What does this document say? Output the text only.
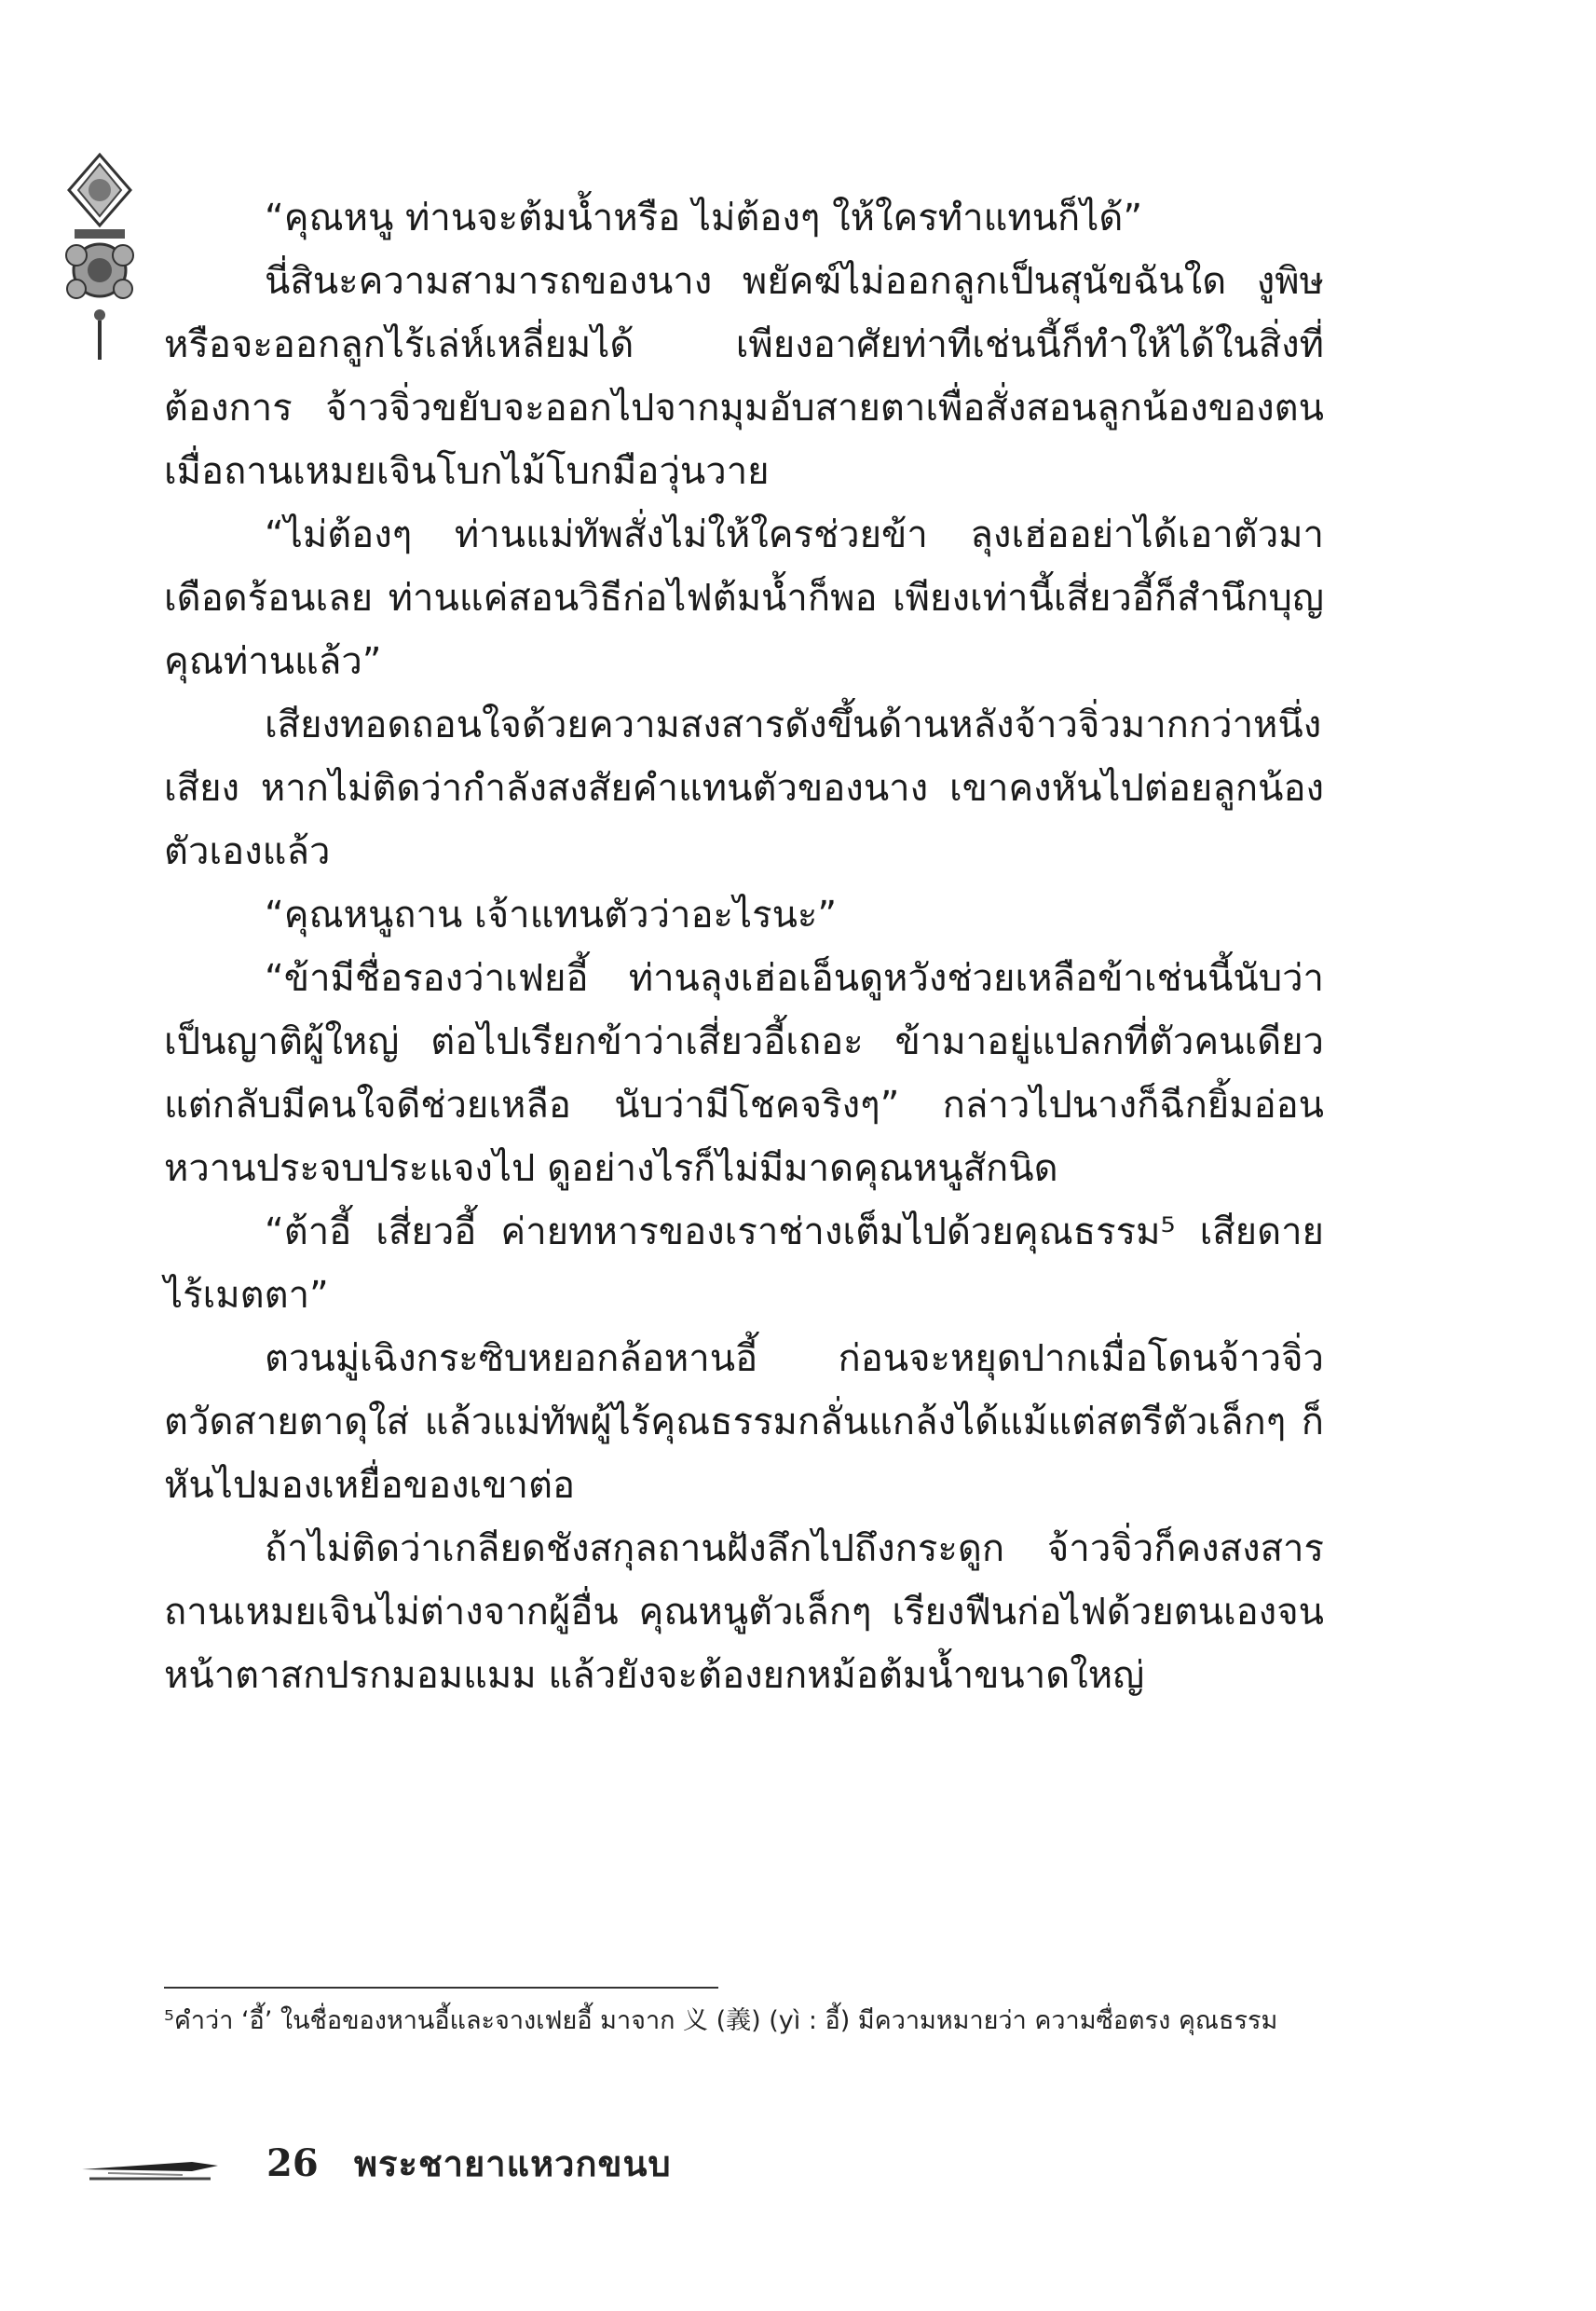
“คุณหนู ท่านจะต้มน้ำหรือ ไม่ต้องๆ ให้ใครทำแทนก็ได้”

นี่สินะความสามารถของนาง พยัคฆ์ไม่ออกลูกเป็นสุนัขฉันใด งูพิษหรือจะออกลูกไร้เล่ห์เหลี่ยมได้ เพียงอาศัยท่าทีเช่นนี้ก็ทำให้ได้ในสิ่งที่ต้องการ จ้าวจิ่วขยับจะออกไปจากมุมอับสายตาเพื่อสั่งสอนลูกน้องของตนเมื่อถานเหมยเจินโบกไม้โบกมือวุ่นวาย

“ไม่ต้องๆ ท่านแม่ทัพสั่งไม่ให้ใครช่วยข้า ลุงเฮ่ออย่าได้เอาตัวมาเดือดร้อนเลย ท่านแค่สอนวิธีก่อไฟต้มน้ำก็พอ เพียงเท่านี้เสี่ยวอี้ก็สำนึกบุญคุณท่านแล้ว”

เสียงทอดถอนใจด้วยความสงสารดังขึ้นด้านหลังจ้าวจิ่วมากกว่าหนึ่งเสียง หากไม่ติดว่ากำลังสงสัยคำแทนตัวของนาง เขาคงหันไปต่อยลูกน้องตัวเองแล้ว

“คุณหนูถาน เจ้าแทนตัวว่าอะไรนะ”

“ข้ามีชื่อรองว่าเฟยอี้ ท่านลุงเฮ่อเอ็นดูหวังช่วยเหลือข้าเช่นนี้นับว่าเป็นญาติผู้ใหญ่ ต่อไปเรียกข้าว่าเสี่ยวอี้เถอะ ข้ามาอยู่แปลกที่ตัวคนเดียวแต่กลับมีคนใจดีช่วยเหลือ นับว่ามีโชคจริงๆ” กล่าวไปนางก็ฉีกยิ้มอ่อนหวานประจบประแจงไป ดูอย่างไรก็ไม่มีมาดคุณหนูสักนิด

“ต้าอี้ เสี่ยวอี้ ค่ายทหารของเราช่างเต็มไปด้วยคุณธรรม⁵ เสียดายไร้เมตตา”

ตวนมู่เฉิงกระซิบหยอกล้อหานอี้ ก่อนจะหยุดปากเมื่อโดนจ้าวจิ่วตวัดสายตาดุใส่ แล้วแม่ทัพผู้ไร้คุณธรรมกลั่นแกล้งได้แม้แต่สตรีตัวเล็กๆ ก็หันไปมองเหยื่อของเขาต่อ

ถ้าไม่ติดว่าเกลียดชังสกุลถานฝังลึกไปถึงกระดูก จ้าวจิ่วก็คงสงสารถานเหมยเจินไม่ต่างจากผู้อื่น คุณหนูตัวเล็กๆ เรียงฟืนก่อไฟด้วยตนเองจนหน้าตาสกปรกมอมแมม แล้วยังจะต้องยกหม้อต้มน้ำขนาดใหญ่

⁵คำว่า ‘อี้’ ในชื่อของหานอี้และจางเฟยอี้ มาจาก 义 (義) (yì : อี้) มีความหมายว่า ความซื่อตรง คุณธรรม
26 พระชายาแหวกขนบ
